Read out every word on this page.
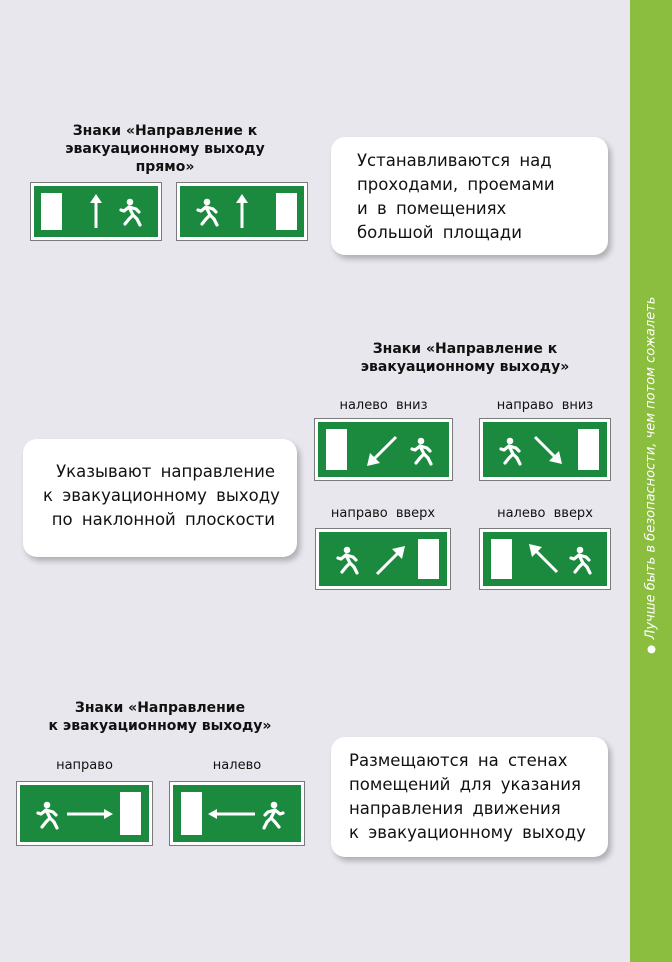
Знаки «Направление к
эвакуационному выходу прямо»	Устанавливаются над
проходами, проемами
и в помещениях
большой площади
Знаки «Направление к
эвакуационному выходу»
налево вниз	направо вниз
направо вверх	налево вверх
Указывают направление
к эвакуационному выходу
по наклонной плоскости
Знаки «Направление
к эвакуационному выходу»
направо	налево	Размещаются на стенах
помещений для указания
направления движения
к эвакуационному выходу
Лучше быть в безопасности, чем потом сожалеть
